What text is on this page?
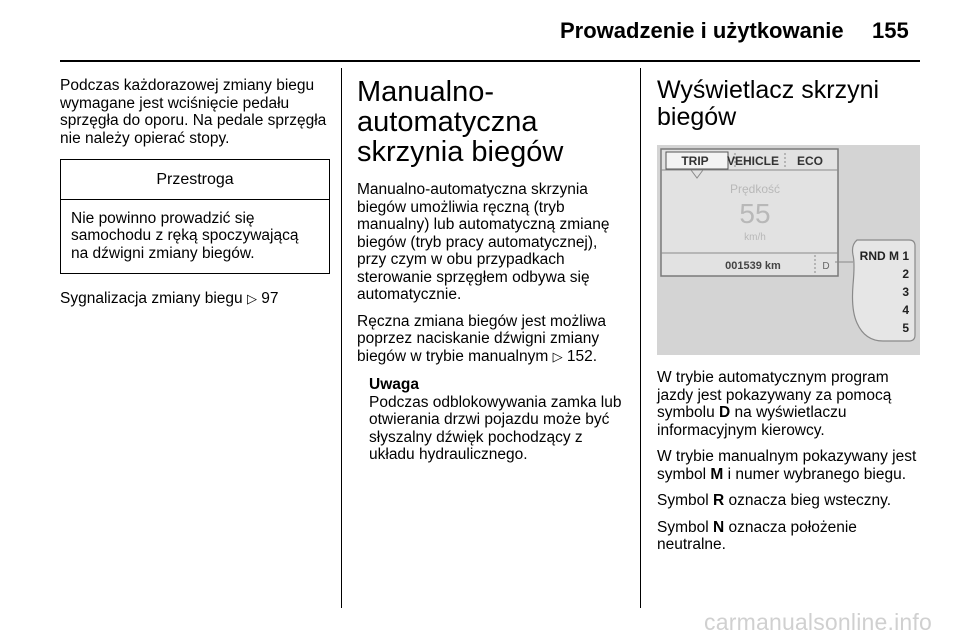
Prowadzenie i użytkowanie 155

Podczas każdorazowej zmiany biegu wymagane jest wciśnięcie pedału sprzęgła do oporu. Na pedale sprzęgła nie należy opierać stopy.

Przestroga
Nie powinno prowadzić się samochodu z ręką spoczywającą na dźwigni zmiany biegów.

Sygnalizacja zmiany biegu ▷ 97

Manualno-automatyczna skrzynia biegów

Manualno-automatyczna skrzynia biegów umożliwia ręczną (tryb manualny) lub automatyczną zmianę biegów (tryb pracy automatycznej), przy czym w obu przypadkach sterowanie sprzęgłem odbywa się automatycznie.

Ręczna zmiana biegów jest możliwa poprzez naciskanie dźwigni zmiany biegów w trybie manualnym ▷ 152.

Uwaga
Podczas odblokowywania zamka lub otwierania drzwi pojazdu może być słyszalny dźwięk pochodzący z układu hydraulicznego.
Wyświetlacz skrzyni biegów
TRIP VEHICLE ECO
Prędkość
55
km/h
001539 km	D
RND M 1
2
3
4
5

W trybie automatycznym program jazdy jest pokazywany za pomocą symbolu D na wyświetlaczu informacyjnym kierowcy.

W trybie manualnym pokazywany jest symbol M i numer wybranego biegu.

Symbol R oznacza bieg wsteczny.

Symbol N oznacza położenie neutralne.

carmanualsonline.info
